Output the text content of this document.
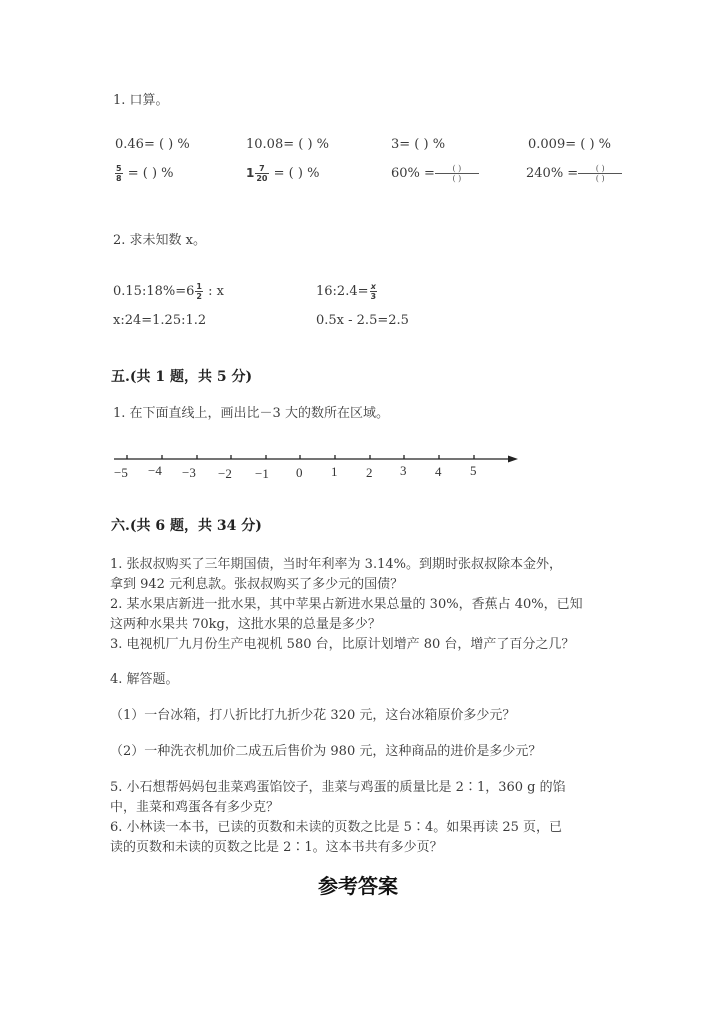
1. 口算。
0.46= ( ) %	10.08= ( ) %	3= ( ) %	0.009= ( ) %
$\frac{5}{8}$ = ( ) %	$1 \frac{7}{20}$ = ( ) %	$60\% = \frac{( )}{( )}$	$240\% = \frac{( )}{( )}$
2. 求未知数 x。
0.15:18%=6 $\frac{1}{2}$ : x	16:2.4= $\frac{x}{3}$
x:24=1.25:1.2	0.5x - 2.5=2.5
五.(共 1 题，共 5 分)
1. 在下面直线上，画出比－3 大的数所在区域。
−5 −4 −3 −2 −1 0 1 2 3 4 5
六.(共 6 题，共 34 分)
1. 张叔叔购买了三年期国债，当时年利率为 3.14%。到期时张叔叔除本金外，
拿到 942 元利息款。张叔叔购买了多少元的国债？
2. 某水果店新进一批水果，其中苹果占新进水果总量的 30%，香蕉占 40%，已知
这两种水果共 70kg，这批水果的总量是多少？
3. 电视机厂九月份生产电视机 580 台，比原计划增产 80 台，增产了百分之几？
4. 解答题。
（1）一台冰箱，打八折比打九折少花 320 元，这台冰箱原价多少元？
（2）一种洗衣机加价二成五后售价为 980 元，这种商品的进价是多少元？
5. 小石想帮妈妈包韭菜鸡蛋馅饺子，韭菜与鸡蛋的质量比是 2∶1，360 g 的馅
中，韭菜和鸡蛋各有多少克？
6. 小林读一本书，已读的页数和未读的页数之比是 5∶4。如果再读 25 页，已
读的页数和未读的页数之比是 2∶1。这本书共有多少页？
参考答案
